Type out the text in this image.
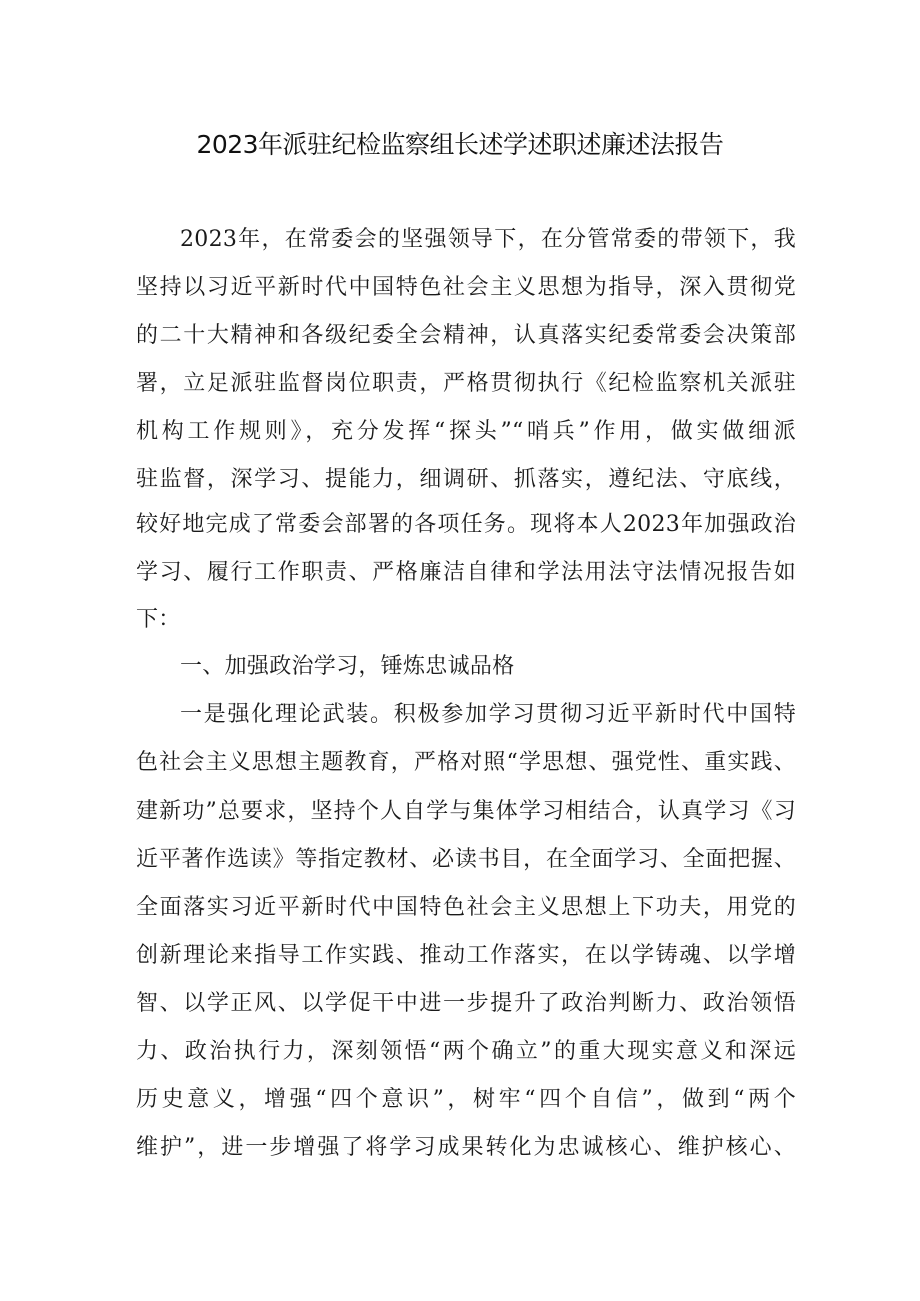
2023年派驻纪检监察组长述学述职述廉述法报告
2023年，在常委会的坚强领导下，在分管常委的带领下，我
坚持以习近平新时代中国特色社会主义思想为指导，深入贯彻党
的二十大精神和各级纪委全会精神，认真落实纪委常委会决策部
署，立足派驻监督岗位职责，严格贯彻执行《纪检监察机关派驻
机构工作规则》，充分发挥“探头”“哨兵”作用，做实做细派
驻监督，深学习、提能力，细调研、抓落实，遵纪法、守底线，
较好地完成了常委会部署的各项任务。现将本人2023年加强政治
学习、履行工作职责、严格廉洁自律和学法用法守法情况报告如
下：
一、加强政治学习，锤炼忠诚品格
一是强化理论武装。积极参加学习贯彻习近平新时代中国特
色社会主义思想主题教育，严格对照“学思想、强党性、重实践、
建新功”总要求，坚持个人自学与集体学习相结合，认真学习《习
近平著作选读》等指定教材、必读书目，在全面学习、全面把握、
全面落实习近平新时代中国特色社会主义思想上下功夫，用党的
创新理论来指导工作实践、推动工作落实，在以学铸魂、以学增
智、以学正风、以学促干中进一步提升了政治判断力、政治领悟
力、政治执行力，深刻领悟“两个确立”的重大现实意义和深远
历史意义，增强“四个意识”，树牢“四个自信”，做到“两个
维护”，进一步增强了将学习成果转化为忠诚核心、维护核心、
